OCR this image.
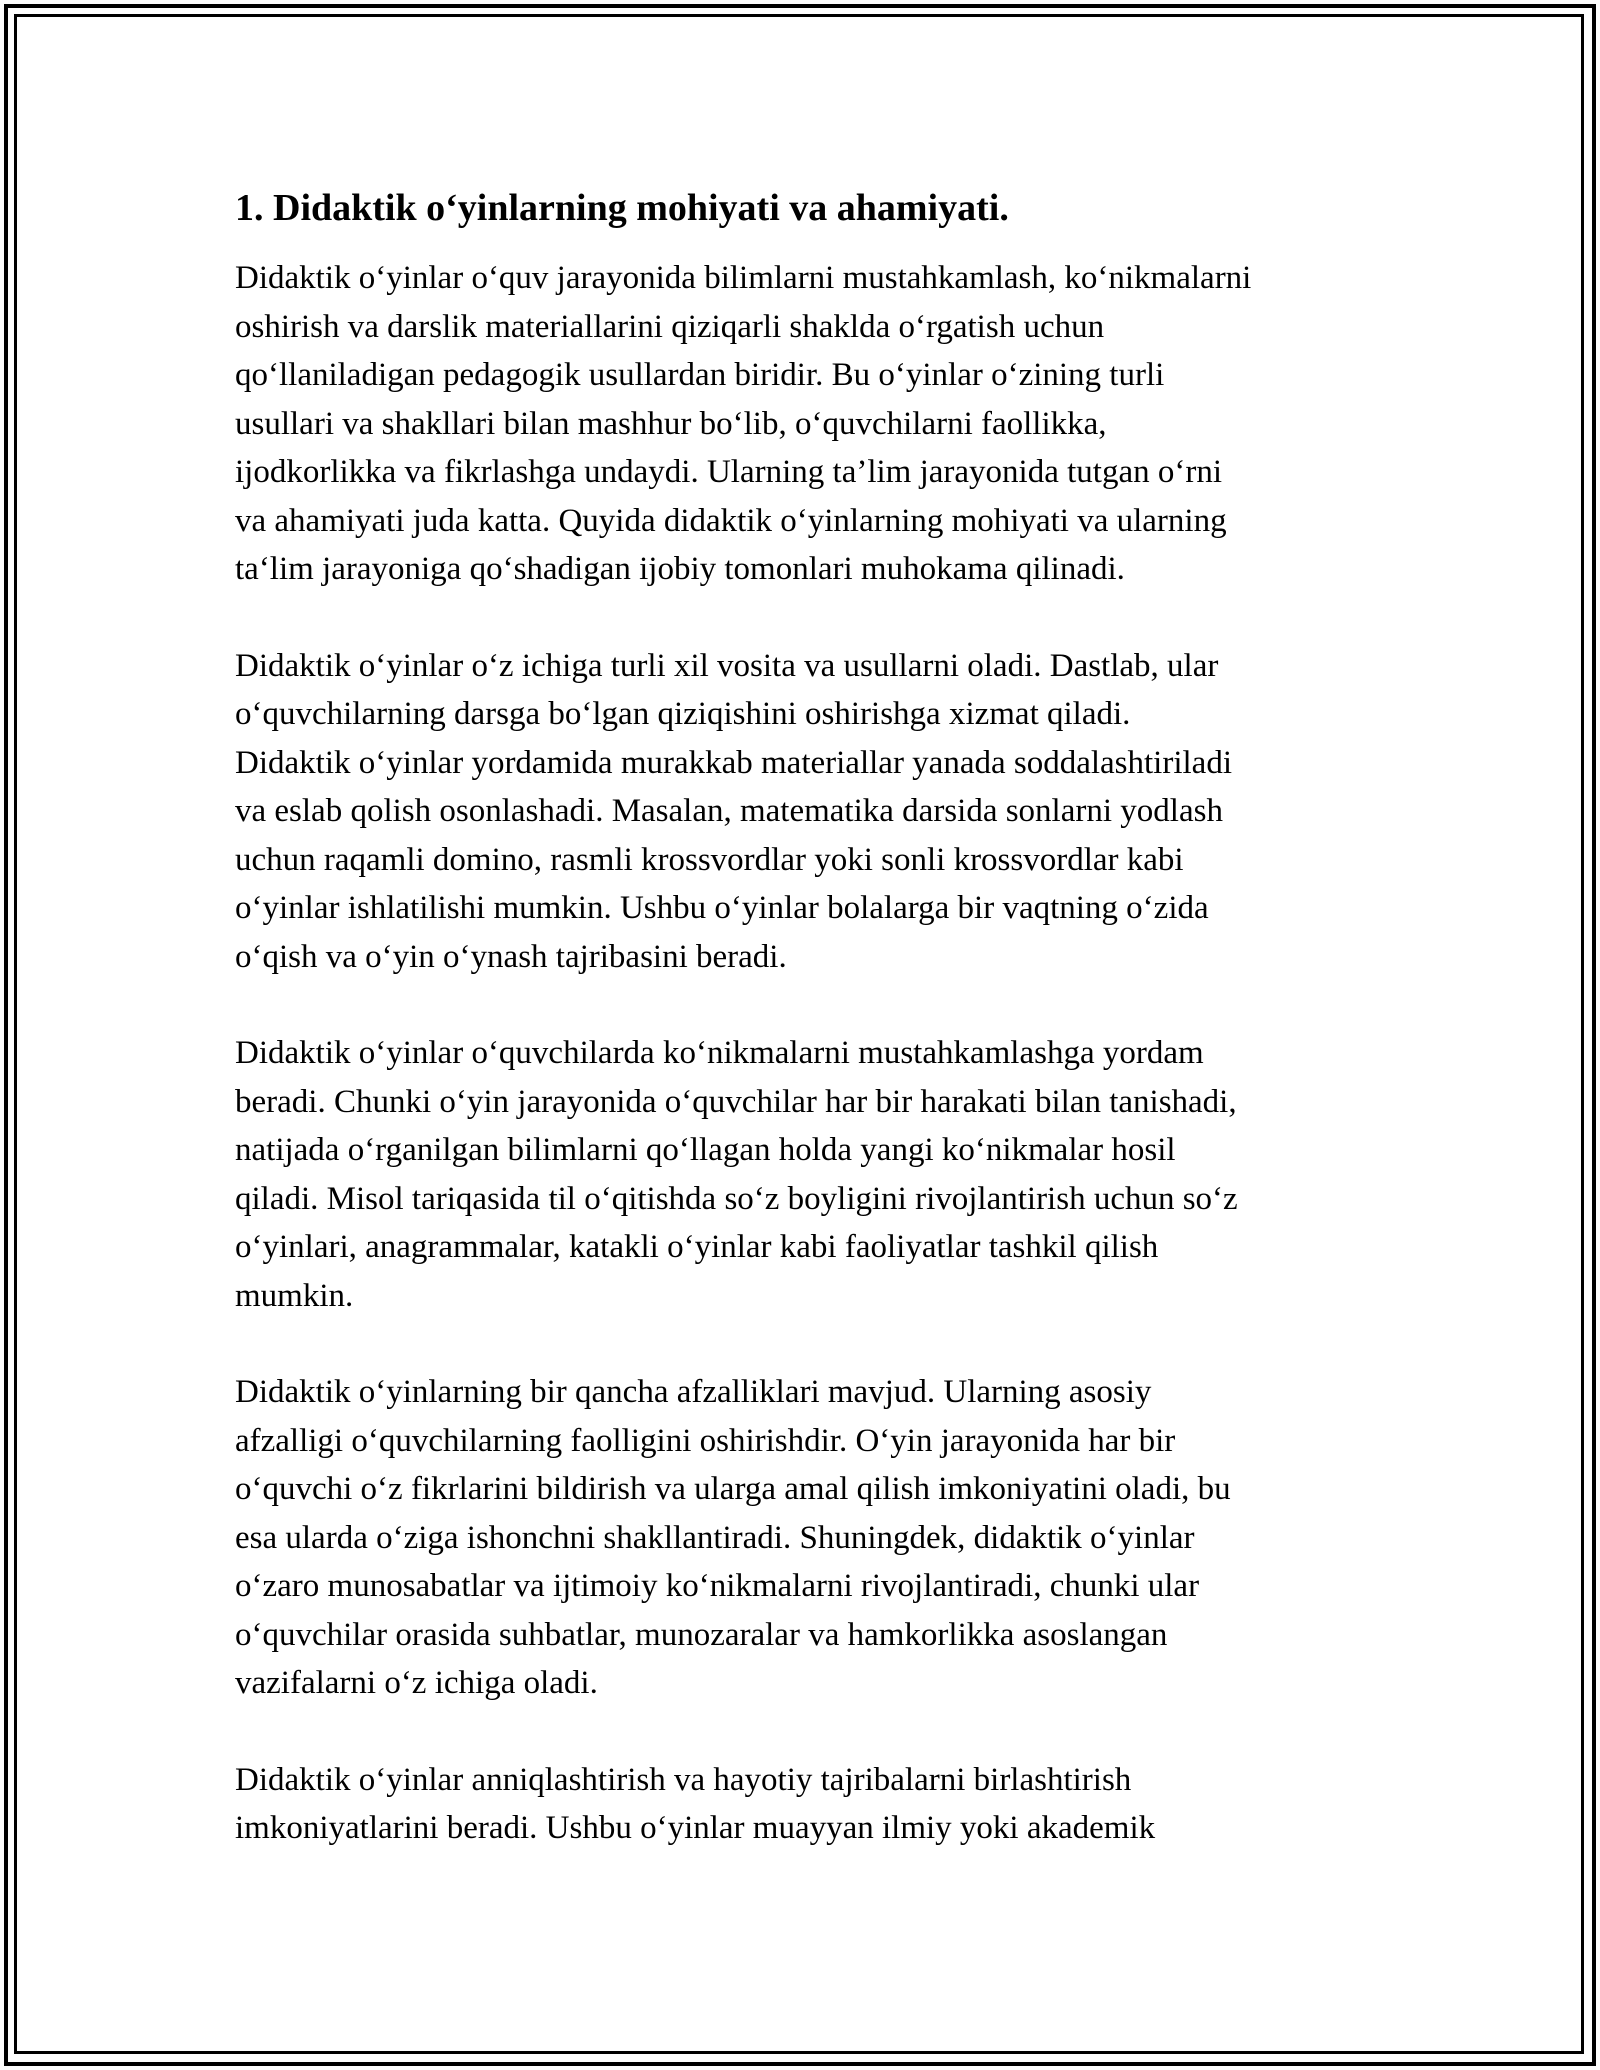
1. Didaktik o‘yinlarning mohiyati va ahamiyati.

Didaktik o‘yinlar o‘quv jarayonida bilimlarni mustahkamlash, ko‘nikmalarni
oshirish va darslik materiallarini qiziqarli shaklda o‘rgatish uchun
qo‘llaniladigan pedagogik usullardan biridir. Bu o‘yinlar o‘zining turli
usullari va shakllari bilan mashhur bo‘lib, o‘quvchilarni faollikka,
ijodkorlikka va fikrlashga undaydi. Ularning ta’lim jarayonida tutgan o‘rni
va ahamiyati juda katta. Quyida didaktik o‘yinlarning mohiyati va ularning
ta‘lim jarayoniga qo‘shadigan ijobiy tomonlari muhokama qilinadi.

Didaktik o‘yinlar o‘z ichiga turli xil vosita va usullarni oladi. Dastlab, ular
o‘quvchilarning darsga bo‘lgan qiziqishini oshirishga xizmat qiladi.
Didaktik o‘yinlar yordamida murakkab materiallar yanada soddalashtiriladi
va eslab qolish osonlashadi. Masalan, matematika darsida sonlarni yodlash
uchun raqamli domino, rasmli krossvordlar yoki sonli krossvordlar kabi
o‘yinlar ishlatilishi mumkin. Ushbu o‘yinlar bolalarga bir vaqtning o‘zida
o‘qish va o‘yin o‘ynash tajribasini beradi.

Didaktik o‘yinlar o‘quvchilarda ko‘nikmalarni mustahkamlashga yordam
beradi. Chunki o‘yin jarayonida o‘quvchilar har bir harakati bilan tanishadi,
natijada o‘rganilgan bilimlarni qo‘llagan holda yangi ko‘nikmalar hosil
qiladi. Misol tariqasida til o‘qitishda so‘z boyligini rivojlantirish uchun so‘z
o‘yinlari, anagrammalar, katakli o‘yinlar kabi faoliyatlar tashkil qilish
mumkin.

Didaktik o‘yinlarning bir qancha afzalliklari mavjud. Ularning asosiy
afzalligi o‘quvchilarning faolligini oshirishdir. O‘yin jarayonida har bir
o‘quvchi o‘z fikrlarini bildirish va ularga amal qilish imkoniyatini oladi, bu
esa ularda o‘ziga ishonchni shakllantiradi. Shuningdek, didaktik o‘yinlar
o‘zaro munosabatlar va ijtimoiy ko‘nikmalarni rivojlantiradi, chunki ular
o‘quvchilar orasida suhbatlar, munozaralar va hamkorlikka asoslangan
vazifalarni o‘z ichiga oladi.

Didaktik o‘yinlar anniqlashtirish va hayotiy tajribalarni birlashtirish
imkoniyatlarini beradi. Ushbu o‘yinlar muayyan ilmiy yoki akademik
